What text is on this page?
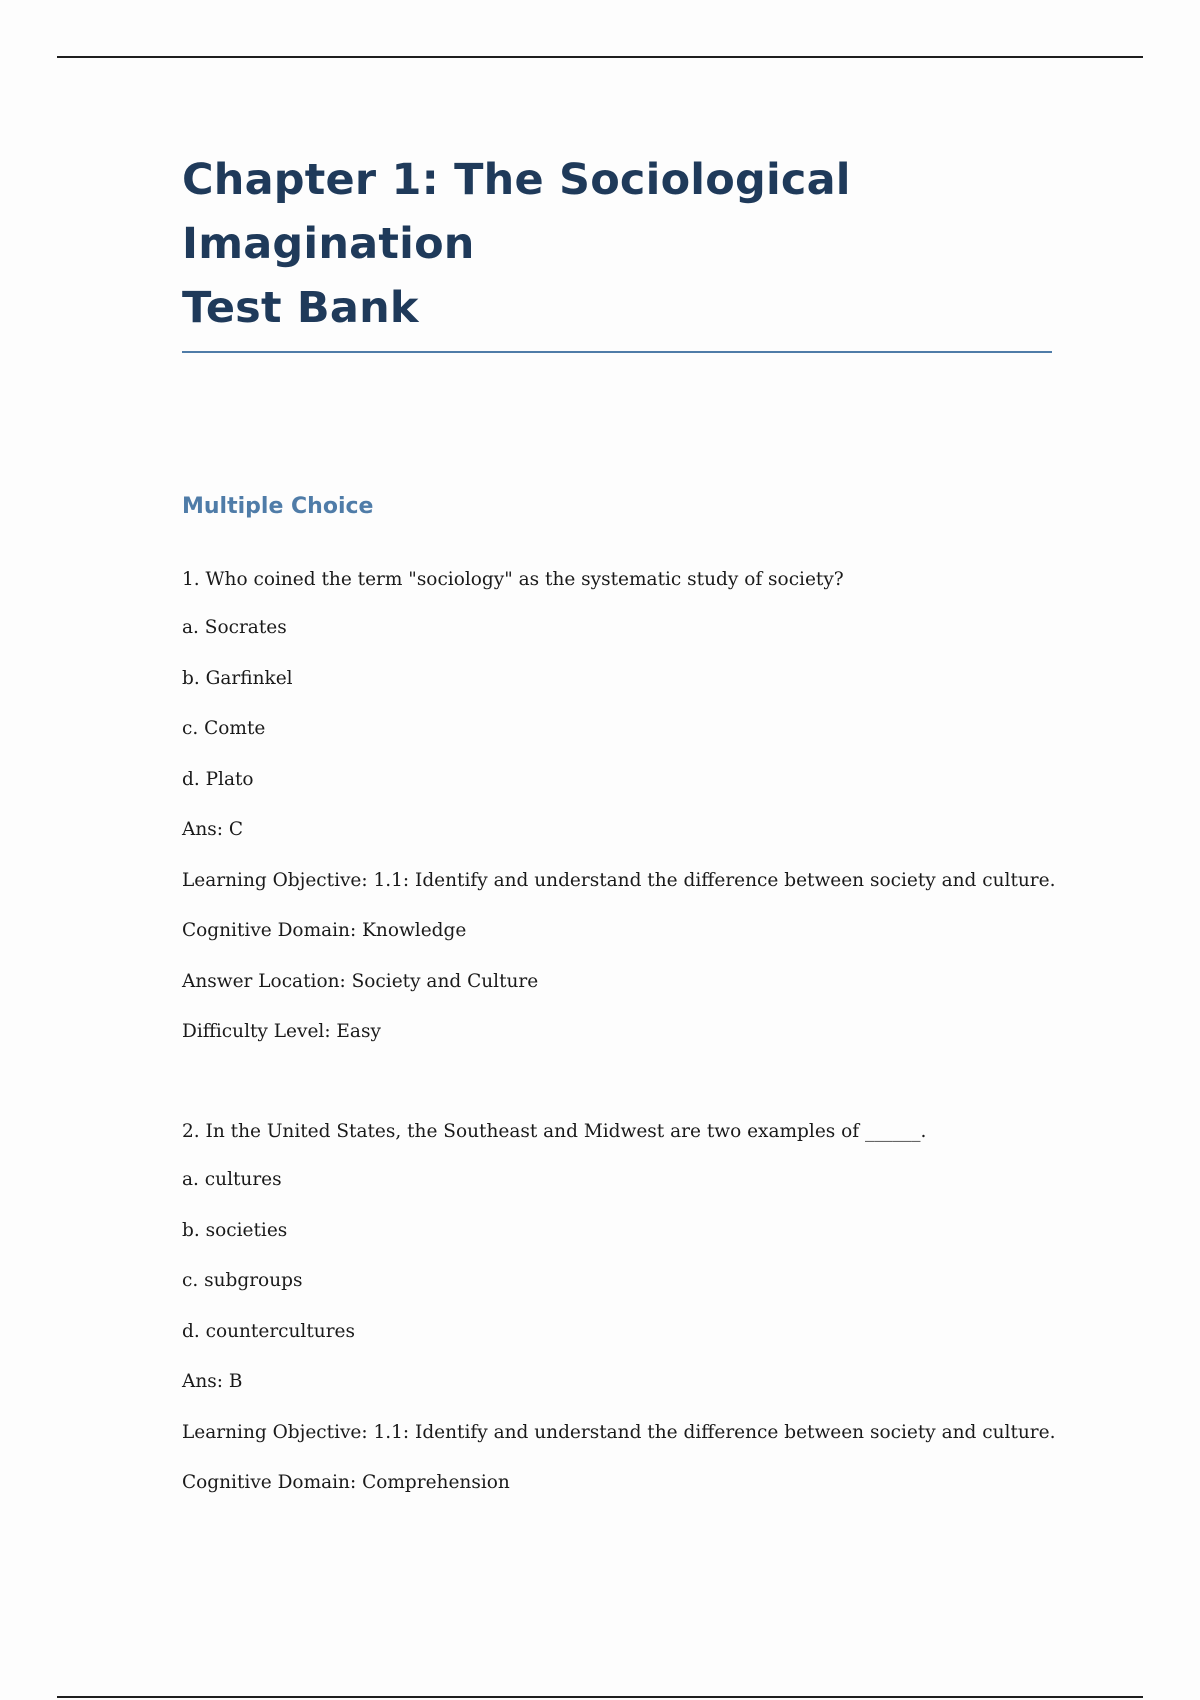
Chapter 1: The Sociological Imagination
Test Bank
Multiple Choice

1. Who coined the term "sociology" as the systematic study of society?

a. Socrates

b. Garfinkel

c. Comte

d. Plato

Ans: C

Learning Objective: 1.1: Identify and understand the difference between society and culture.

Cognitive Domain: Knowledge

Answer Location: Society and Culture

Difficulty Level: Easy

2. In the United States, the Southeast and Midwest are two examples of ______.

a. cultures

b. societies

c. subgroups

d. countercultures

Ans: B

Learning Objective: 1.1: Identify and understand the difference between society and culture.

Cognitive Domain: Comprehension
